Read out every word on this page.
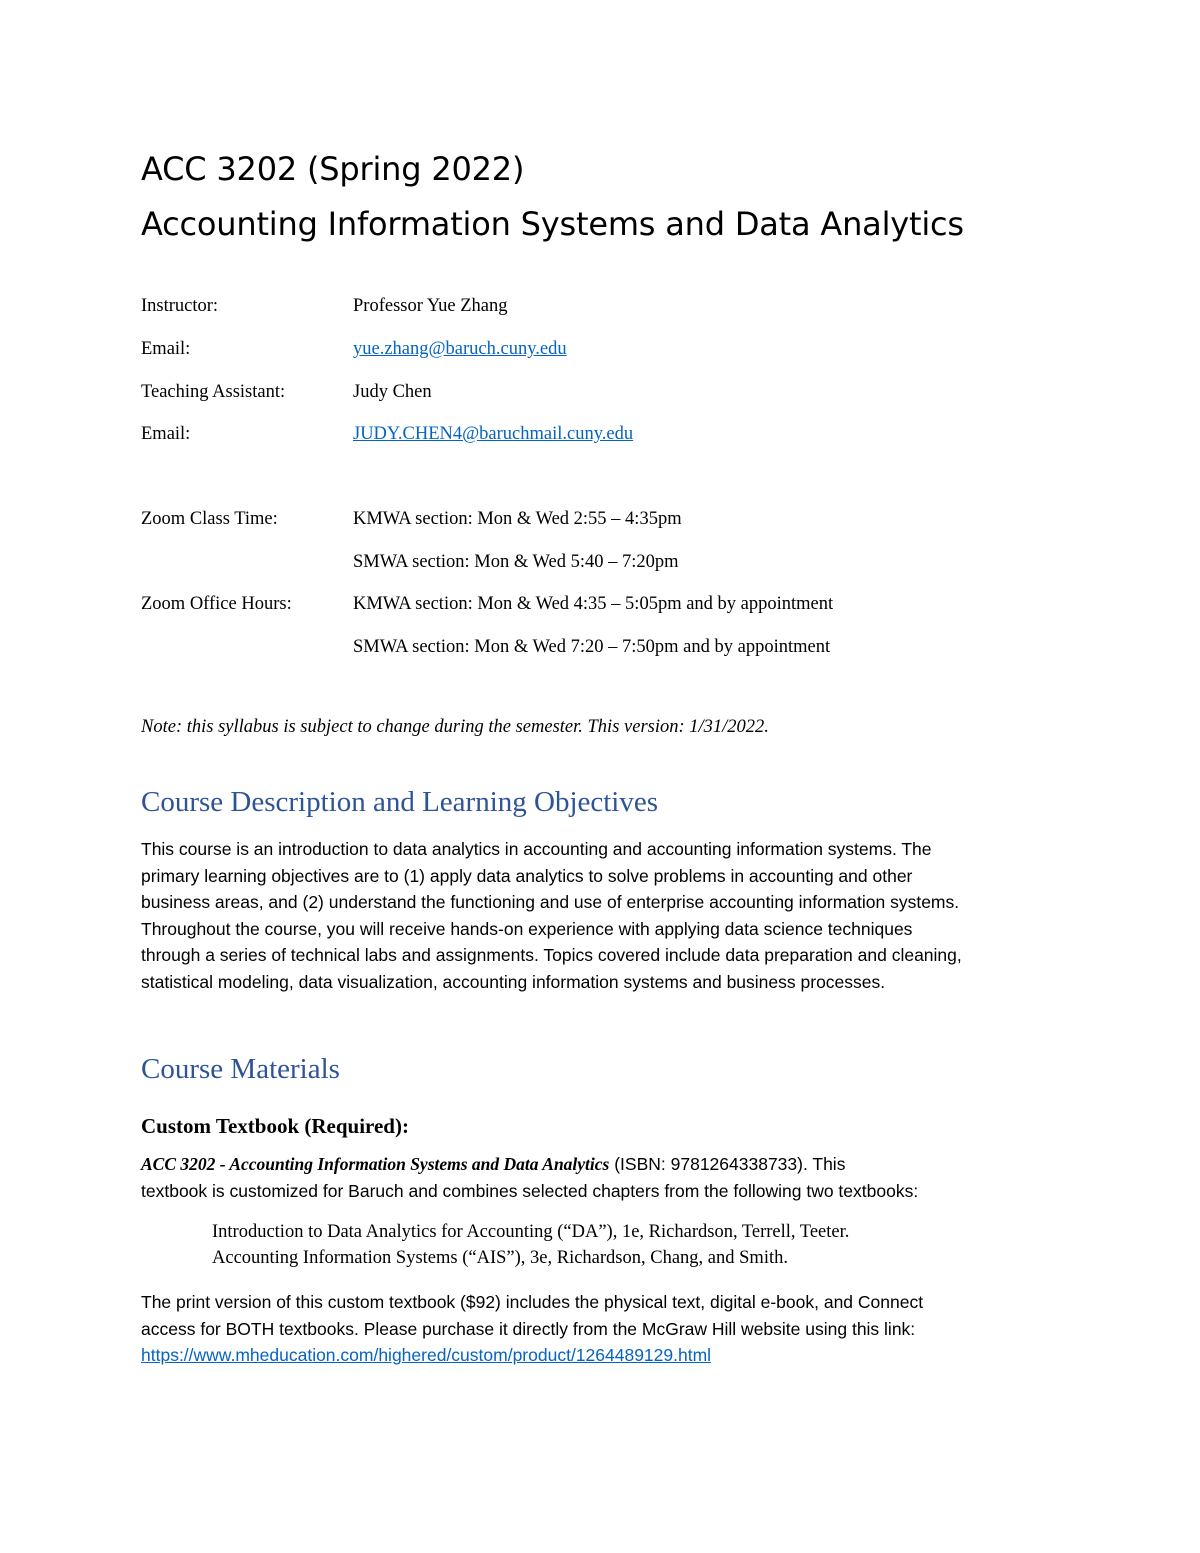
ACC 3202 (Spring 2022)
Accounting Information Systems and Data Analytics
Instructor:	Professor Yue Zhang
Email:	yue.zhang@baruch.cuny.edu
Teaching Assistant:	Judy Chen
Email:	JUDY.CHEN4@baruchmail.cuny.edu
Zoom Class Time:	KMWA section: Mon & Wed 2:55 – 4:35pm
SMWA section: Mon & Wed 5:40 – 7:20pm
Zoom Office Hours:	KMWA section: Mon & Wed 4:35 – 5:05pm and by appointment
SMWA section: Mon & Wed 7:20 – 7:50pm and by appointment
Note: this syllabus is subject to change during the semester. This version: 1/31/2022.
Course Description and Learning Objectives
This course is an introduction to data analytics in accounting and accounting information systems. The
primary learning objectives are to (1) apply data analytics to solve problems in accounting and other
business areas, and (2) understand the functioning and use of enterprise accounting information systems.
Throughout the course, you will receive hands-on experience with applying data science techniques
through a series of technical labs and assignments. Topics covered include data preparation and cleaning,
statistical modeling, data visualization, accounting information systems and business processes.
Course Materials
Custom Textbook (Required):
ACC 3202 - Accounting Information Systems and Data Analytics (ISBN: 9781264338733). This
textbook is customized for Baruch and combines selected chapters from the following two textbooks:
Introduction to Data Analytics for Accounting (“DA”), 1e, Richardson, Terrell, Teeter.
Accounting Information Systems (“AIS”), 3e, Richardson, Chang, and Smith.
The print version of this custom textbook ($92) includes the physical text, digital e-book, and Connect
access for BOTH textbooks. Please purchase it directly from the McGraw Hill website using this link:
https://www.mheducation.com/highered/custom/product/1264489129.html
